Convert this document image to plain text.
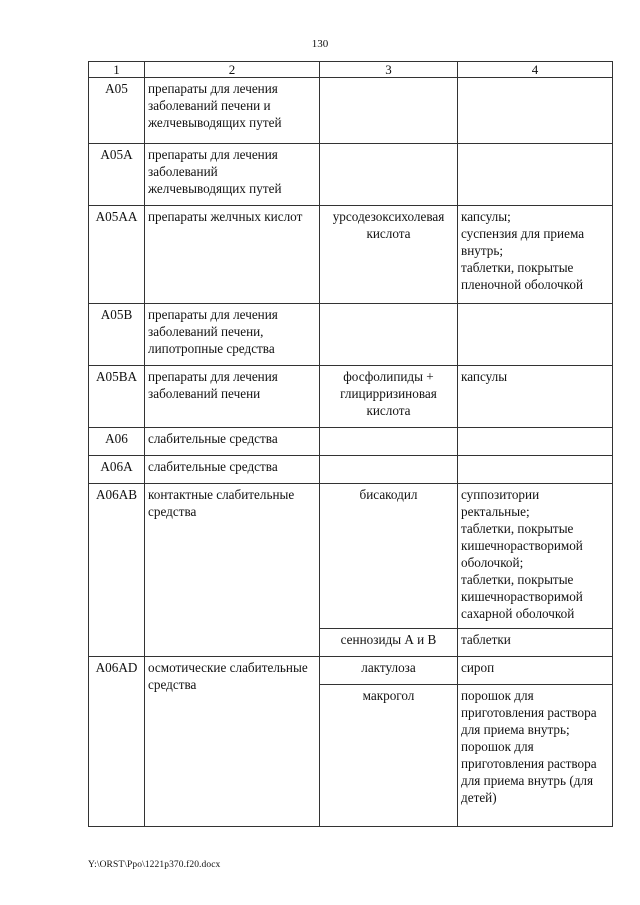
130
1	2	3	4
A05	препараты для лечения заболеваний печени и желчевыводящих путей		
A05A	препараты для лечения заболеваний желчевыводящих путей		
A05AA	препараты желчных кислот	урсодезоксихолевая кислота	капсулы;
суспензия для приема внутрь;
таблетки, покрытые пленочной оболочкой

A05B	препараты для лечения заболеваний печени, липотропные средства		
A05BA	препараты для лечения заболеваний печени	фосфолипиды + глицирризиновая кислота	капсулы

A06	слабительные средства		
A06A	слабительные средства		
A06AB	контактные слабительные средства	бисакодил	суппозитории ректальные;
таблетки, покрытые кишечнорастворимой оболочкой;
таблетки, покрытые кишечнорастворимой сахарной оболочкой

		сеннозиды А и В	таблетки

A06AD	осмотические слабительные средства	лактулоза	сироп

		макрогол	порошок для приготовления раствора для приема внутрь;
порошок для приготовления раствора для приема внутрь (для детей)
Y:\ORST\Ppo\1221p370.f20.docx
